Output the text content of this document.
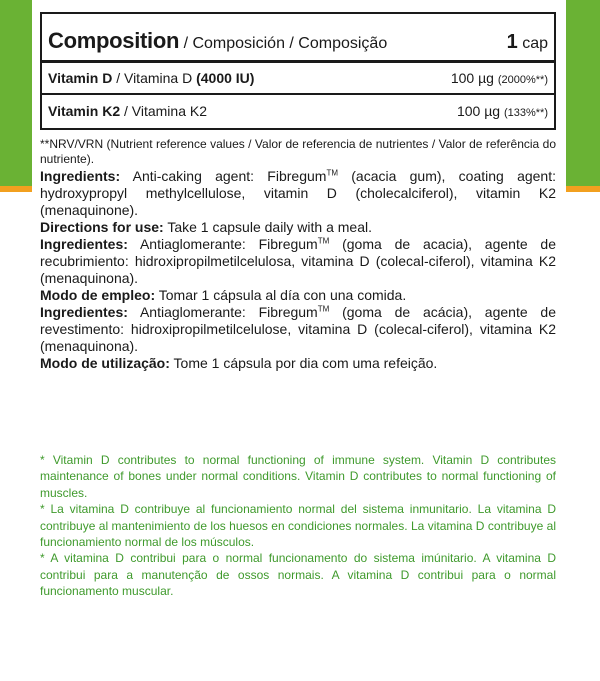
Composition / Composición / Composição	1 cap
Vitamin D / Vitamina D (4000 IU)	100 µg (2000%**)
Vitamin K2 / Vitamina K2	100 µg (133%**)

**NRV/VRN (Nutrient reference values / Valor de referencia de nutrientes / Valor de referência do nutriente).

Ingredients: Anti-caking agent: Fibregum™ (acacia gum), coating agent: hydroxypropyl methylcellulose, vitamin D (cholecalciferol), vitamin K2 (menaquinone).

Directions for use: Take 1 capsule daily with a meal.

Ingredientes: Antiaglomerante: Fibregum™ (goma de acacia), agente de recubrimiento: hidroxipropilmetilcelulosa, vitamina D (colecal-ciferol), vitamina K2 (menaquinona).

Modo de empleo: Tomar 1 cápsula al día con una comida.

Ingredientes: Antiaglomerante: Fibregum™ (goma de acácia), agente de revestimento: hidroxipropilmetilcelulose, vitamina D (colecal-ciferol), vitamina K2 (menaquinona).

Modo de utilização: Tome 1 cápsula por dia com uma refeição.

* Vitamin D contributes to normal functioning of immune system. Vitamin D contributes maintenance of bones under normal conditions. Vitamin D contributes to normal functioning of muscles.

* La vitamina D contribuye al funcionamiento normal del sistema inmunitario. La vitamina D contribuye al mantenimiento de los huesos en condiciones normales. La vitamina D contribuye al funcionamiento normal de los músculos.

* A vitamina D contribui para o normal funcionamento do sistema imúnitario. A vitamina D contribui para a manutenção de ossos normais. A vitamina D contribui para o normal funcionamento muscular.
